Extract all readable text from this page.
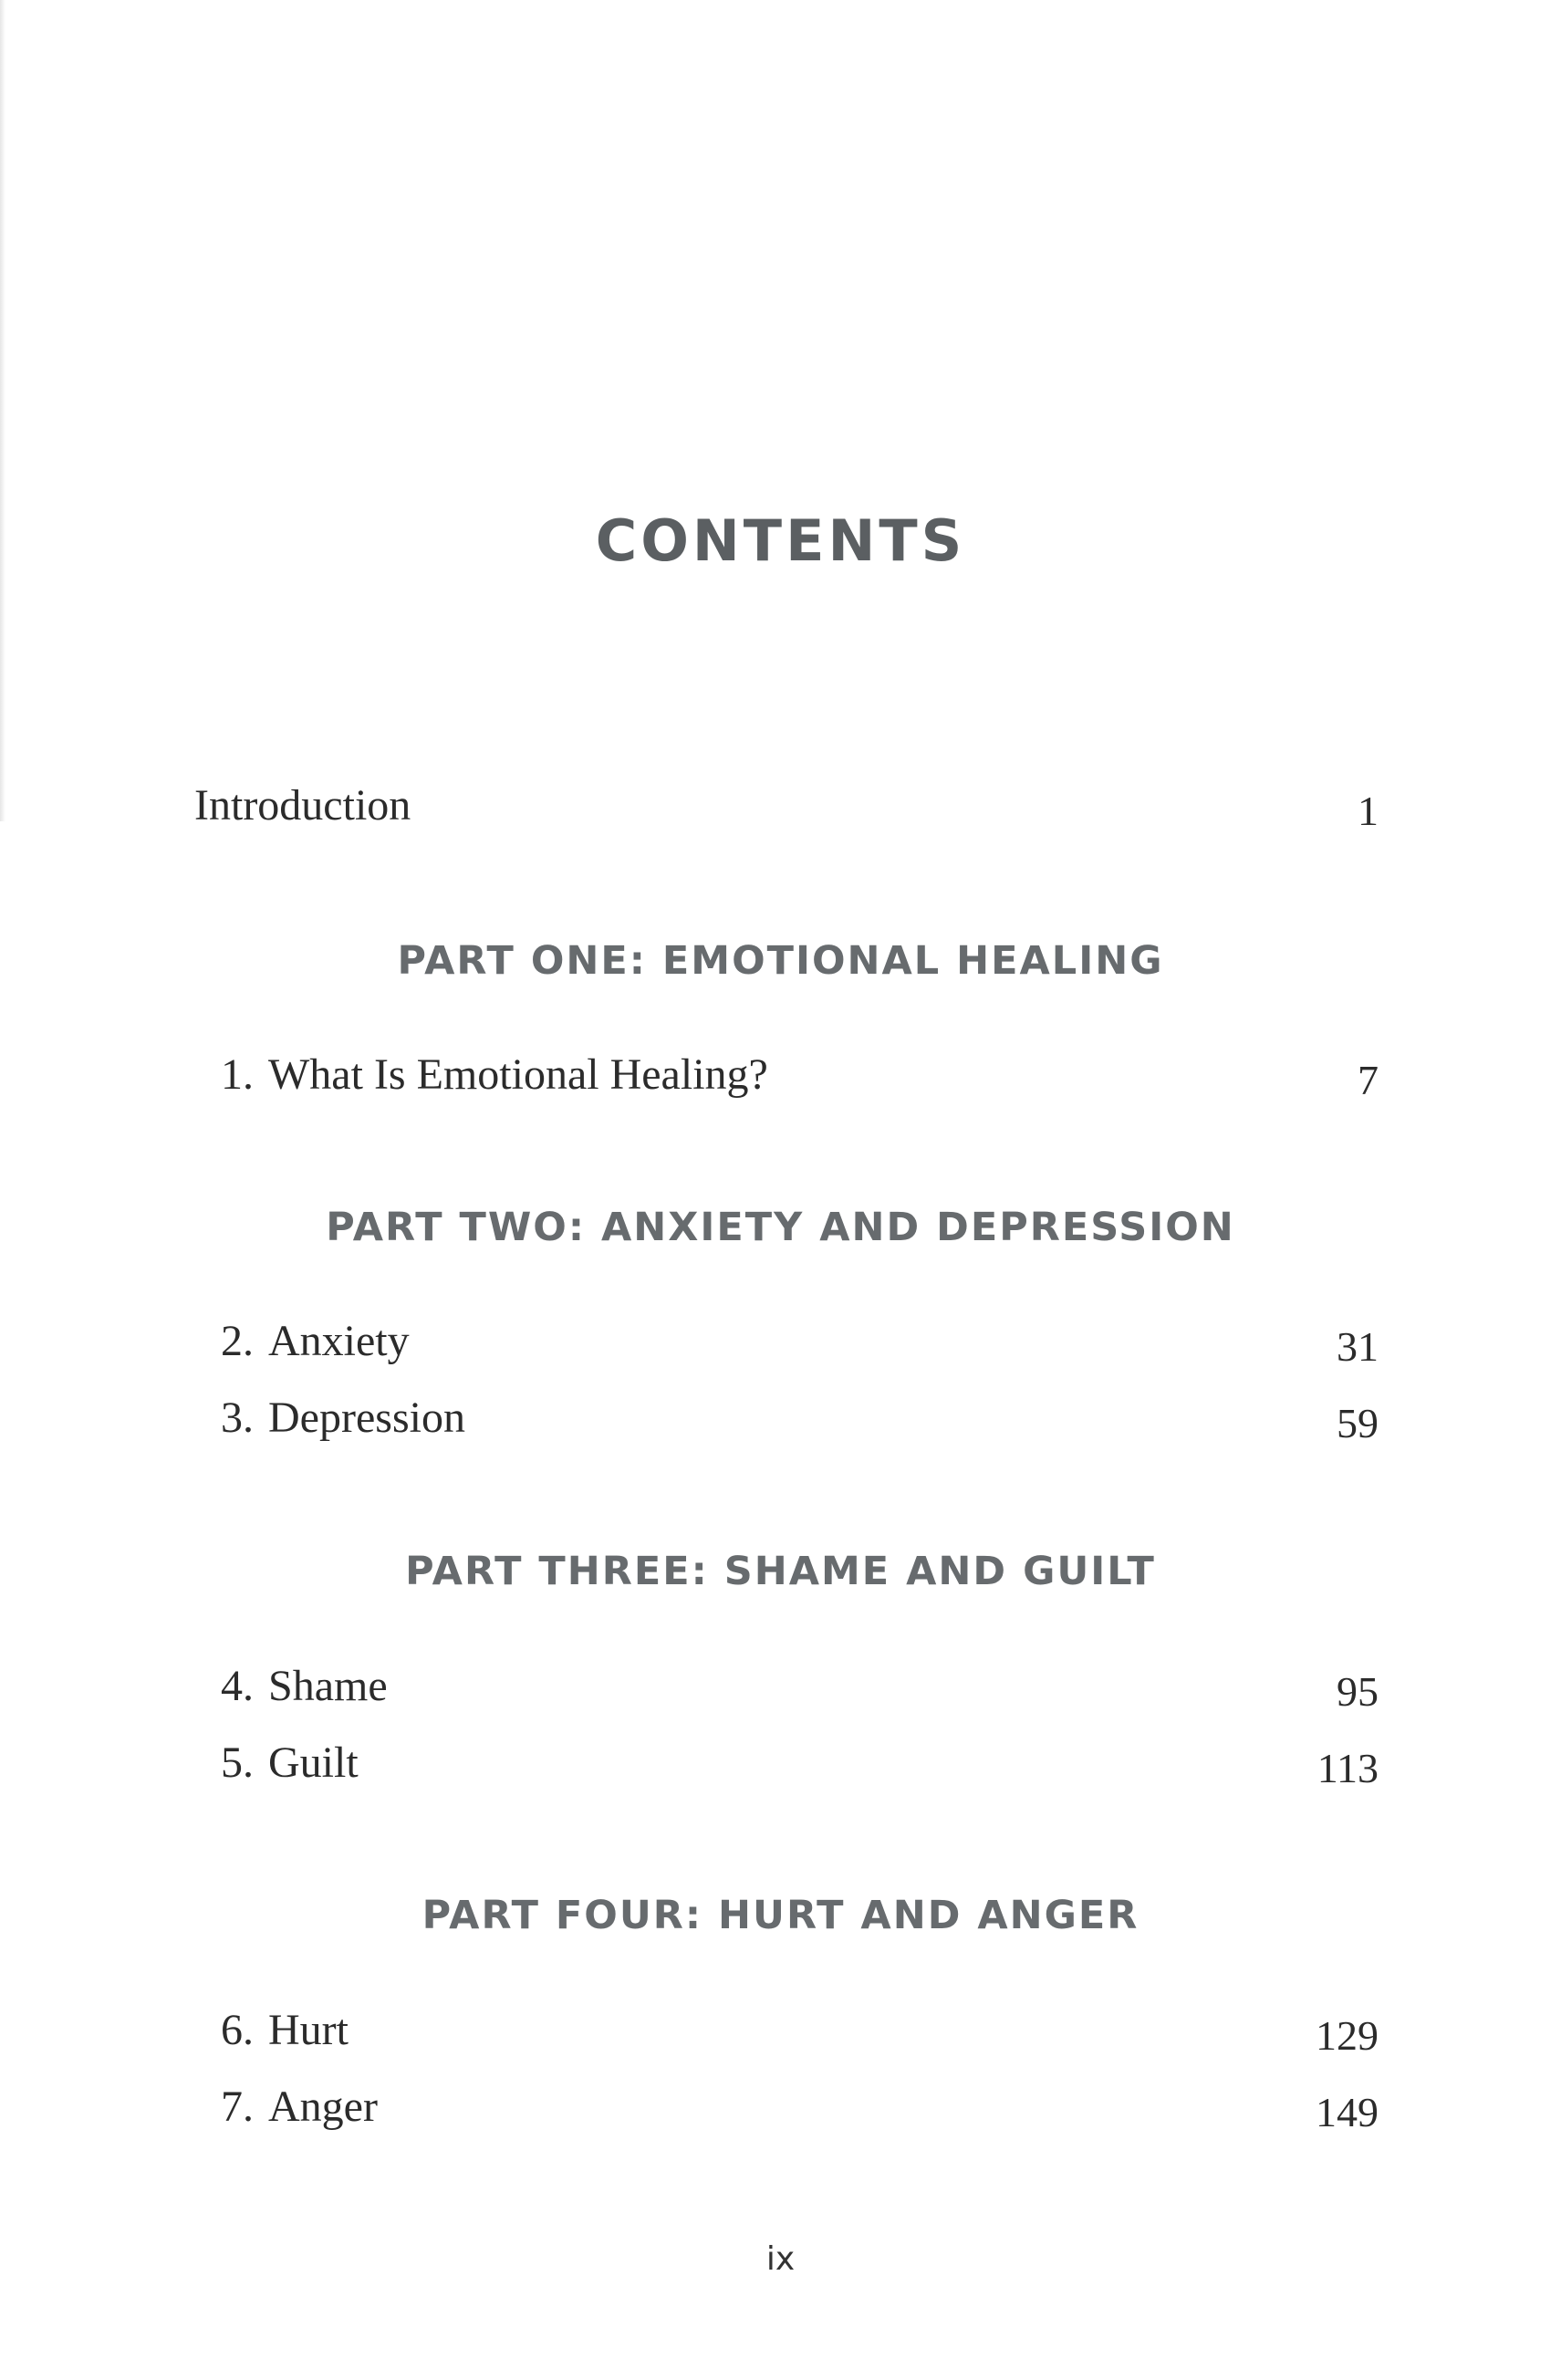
CONTENTS
Introduction	1
PART ONE: EMOTIONAL HEALING
1. What Is Emotional Healing?	7
PART TWO: ANXIETY AND DEPRESSION
2. Anxiety	31
3. Depression	59
PART THREE: SHAME AND GUILT
4. Shame	95
5. Guilt	113
PART FOUR: HURT AND ANGER
6. Hurt	129
7. Anger	149
ix
